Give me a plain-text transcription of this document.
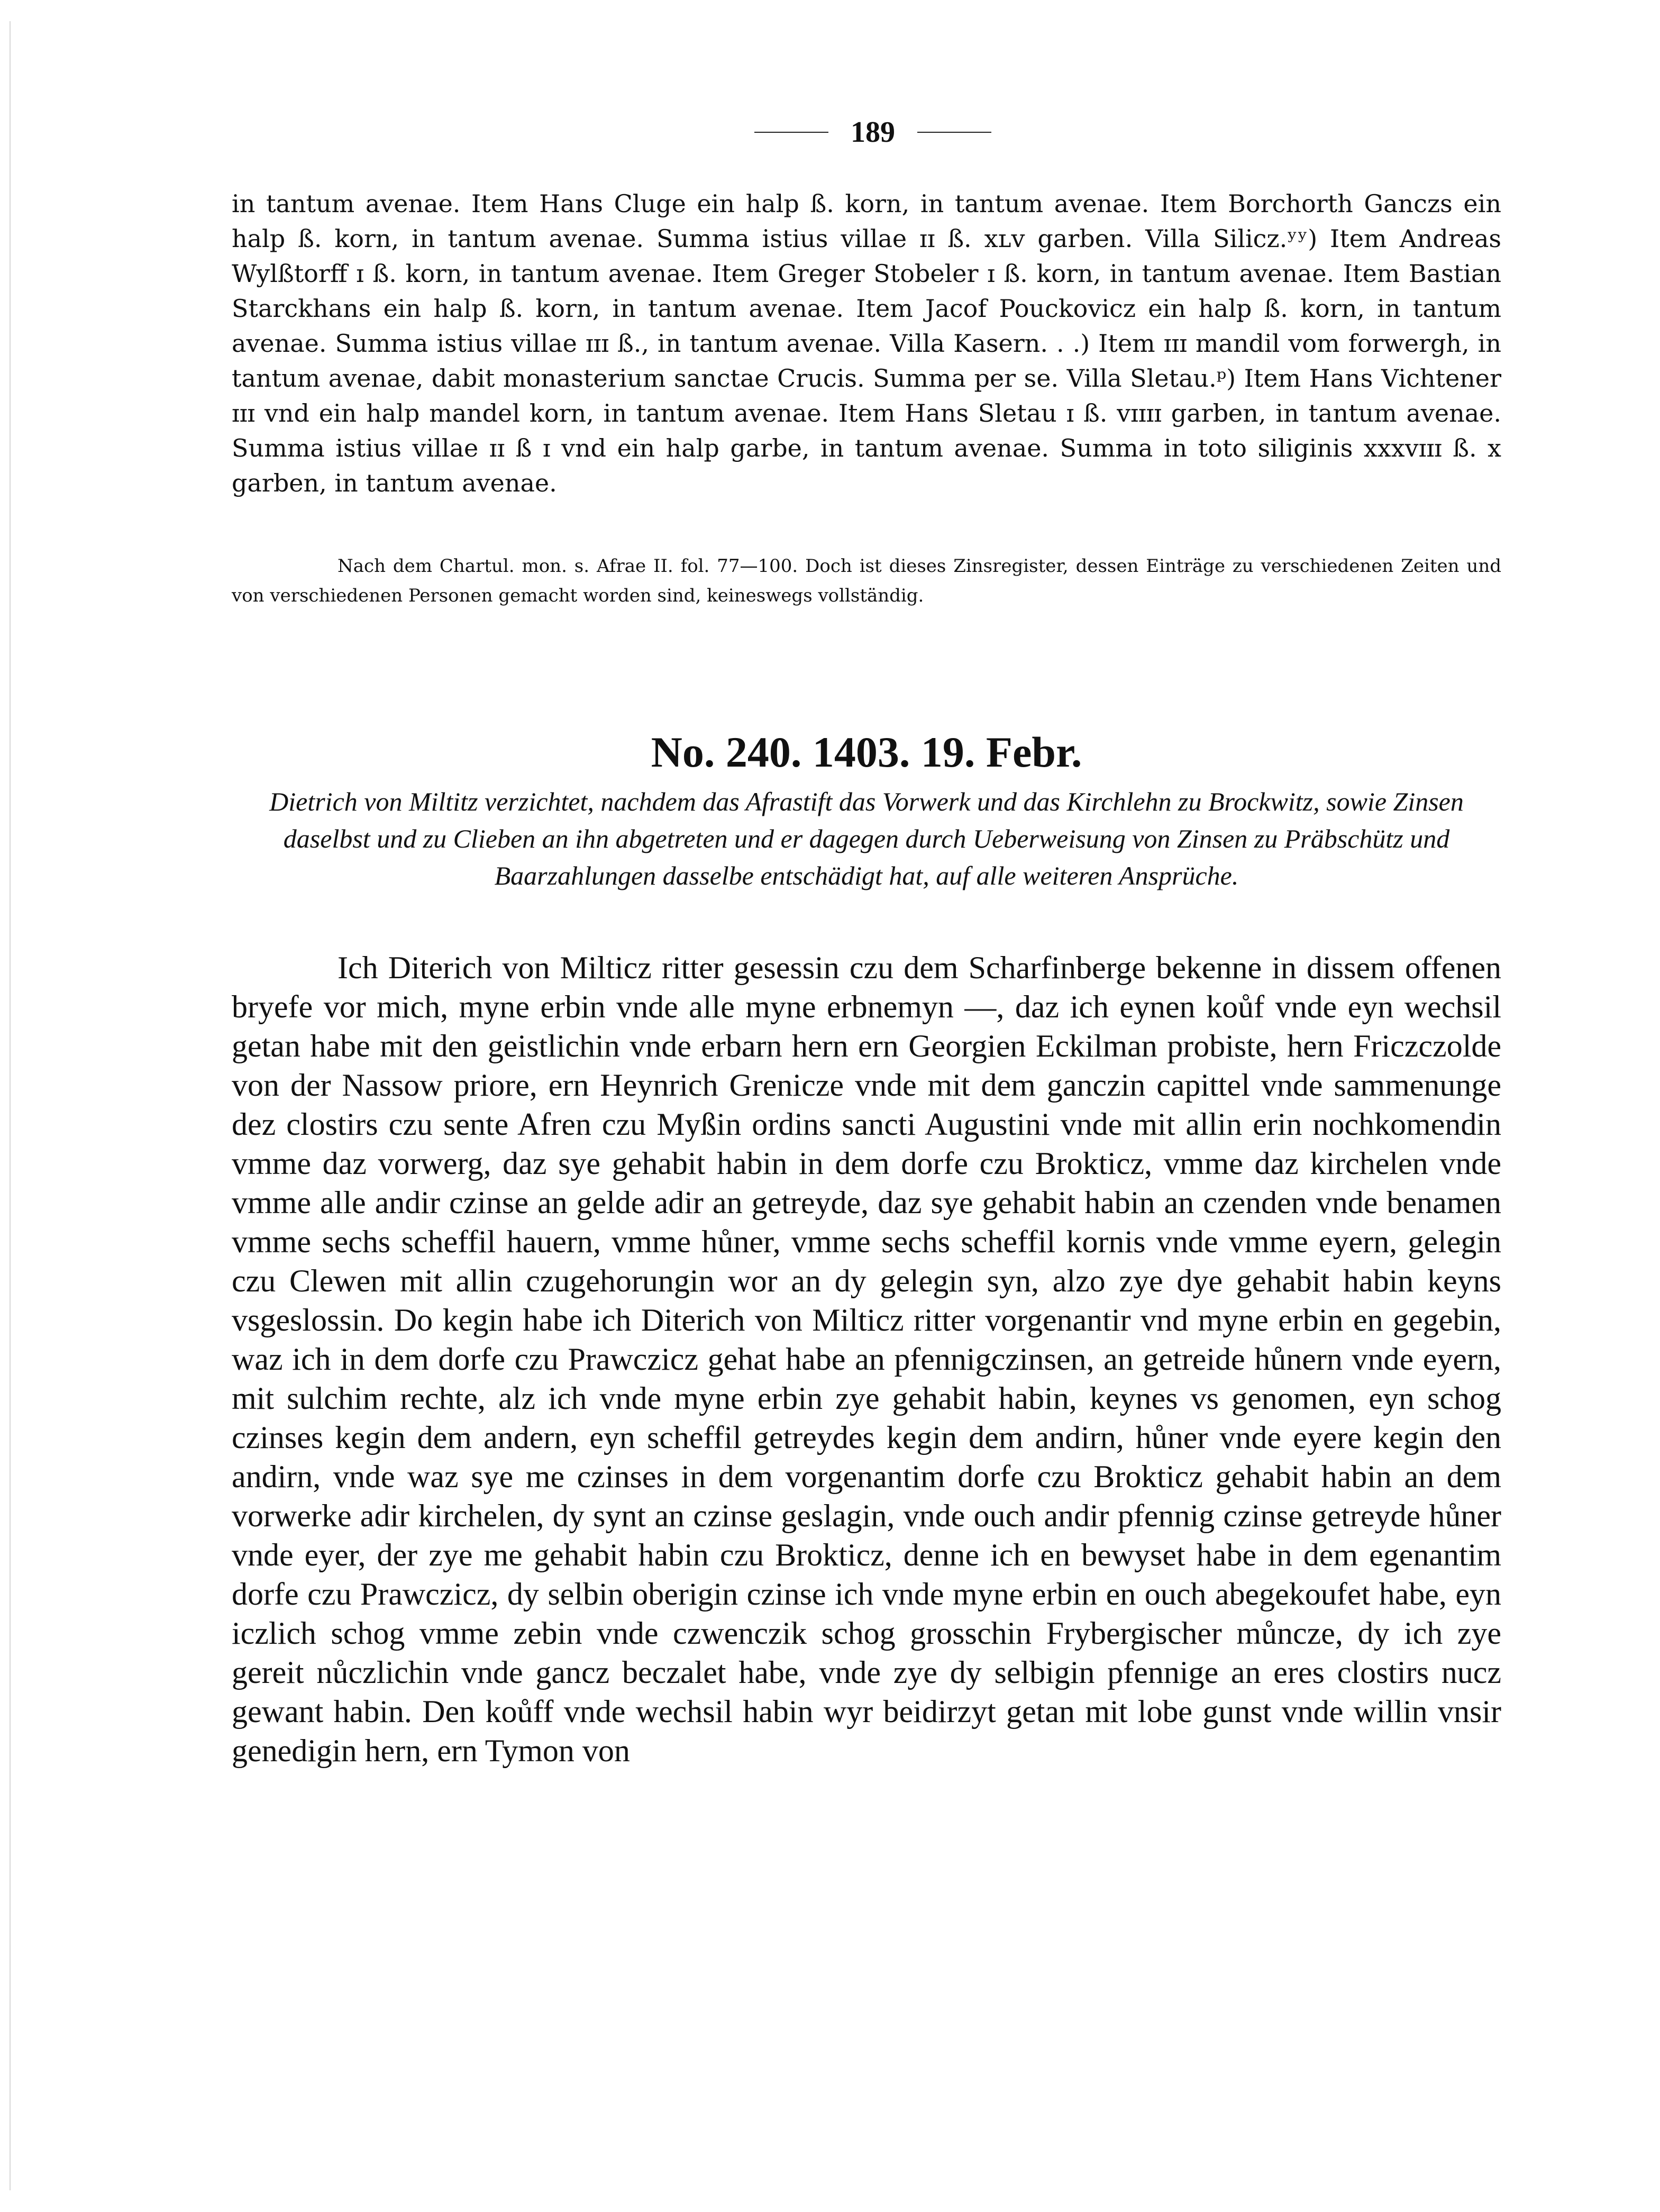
189

in tantum avenae. Item Hans Cluge ein halp ß. korn, in tantum avenae. Item Borchorth Ganczs ein halp ß. korn, in tantum avenae. Summa istius villae ɪɪ ß. xʟv garben. Villa Silicz.ʸʸ) Item Andreas Wylßtorff ɪ ß. korn, in tantum avenae. Item Greger Stobeler ɪ ß. korn, in tantum avenae. Item Bastian Starckhans ein halp ß. korn, in tantum avenae. Item Jacof Pouckovicz ein halp ß. korn, in tantum avenae. Summa istius villae ɪɪɪ ß., in tantum avenae. Villa Kasern. . .) Item ɪɪɪ mandil vom forwergh, in tantum avenae, dabit monasterium sanctae Crucis. Summa per se. Villa Sletau.ᵖ) Item Hans Vichtener ɪɪɪ vnd ein halp mandel korn, in tantum avenae. Item Hans Sletau ɪ ß. ᴠɪɪɪɪ garben, in tantum avenae. Summa istius villae ɪɪ ß ɪ vnd ein halp garbe, in tantum avenae. Summa in toto siliginis xxxᴠɪɪɪ ß. x garben, in tantum avenae.

Nach dem Chartul. mon. s. Afrae II. fol. 77—100. Doch ist dieses Zinsregister, dessen Einträge zu verschiedenen Zeiten und von verschiedenen Personen gemacht worden sind, keineswegs vollständig.

No. 240. 1403. 19. Febr.

Dietrich von Miltitz verzichtet, nachdem das Afrastift das Vorwerk und das Kirchlehn zu Brockwitz, sowie Zinsen daselbst und zu Clieben an ihn abgetreten und er dagegen durch Ueberweisung von Zinsen zu Präbschütz und Baarzahlungen dasselbe entschädigt hat, auf alle weiteren Ansprüche.

Ich Diterich von Milticz ritter gesessin czu dem Scharfinberge bekenne in dissem offenen bryefe vor mich, myne erbin vnde alle myne erbnemyn —, daz ich eynen koůf vnde eyn wechsil getan habe mit den geistlichin vnde erbarn hern ern Georgien Eckilman probiste, hern Friczczolde von der Nassow priore, ern Heynrich Grenicze vnde mit dem ganczin capittel vnde sammenunge dez clostirs czu sente Afren czu Myßin ordins sancti Augustini vnde mit allin erin nochkomendin vmme daz vorwerg, daz sye gehabit habin in dem dorfe czu Brokticz, vmme daz kirchelen vnde vmme alle andir czinse an gelde adir an getreyde, daz sye gehabit habin an czenden vnde benamen vmme sechs scheffil hauern, vmme hůner, vmme sechs scheffil kornis vnde vmme eyern, gelegin czu Clewen mit allin czugehorungin wor an dy gelegin syn, alzo zye dye gehabit habin keyns vsgeslossin. Do kegin habe ich Diterich von Milticz ritter vorgenantir vnd myne erbin en gegebin, waz ich in dem dorfe czu Prawczicz gehat habe an pfennigczinsen, an getreide hůnern vnde eyern, mit sulchim rechte, alz ich vnde myne erbin zye gehabit habin, keynes vs genomen, eyn schog czinses kegin dem andern, eyn scheffil getreydes kegin dem andirn, hůner vnde eyere kegin den andirn, vnde waz sye me czinses in dem vorgenantim dorfe czu Brokticz gehabit habin an dem vorwerke adir kirchelen, dy synt an czinse geslagin, vnde ouch andir pfennig czinse getreyde hůner vnde eyer, der zye me gehabit habin czu Brokticz, denne ich en bewyset habe in dem egenantim dorfe czu Prawczicz, dy selbin oberigin czinse ich vnde myne erbin en ouch abegekoufet habe, eyn iczlich schog vmme zebin vnde czwenczik schog grosschin Frybergischer můncze, dy ich zye gereit nůczlichin vnde gancz beczalet habe, vnde zye dy selbigin pfennige an eres clostirs nucz gewant habin. Den koůff vnde wechsil habin wyr beidirzyt getan mit lobe gunst vnde willin vnsir genedigin hern, ern Tymon von
